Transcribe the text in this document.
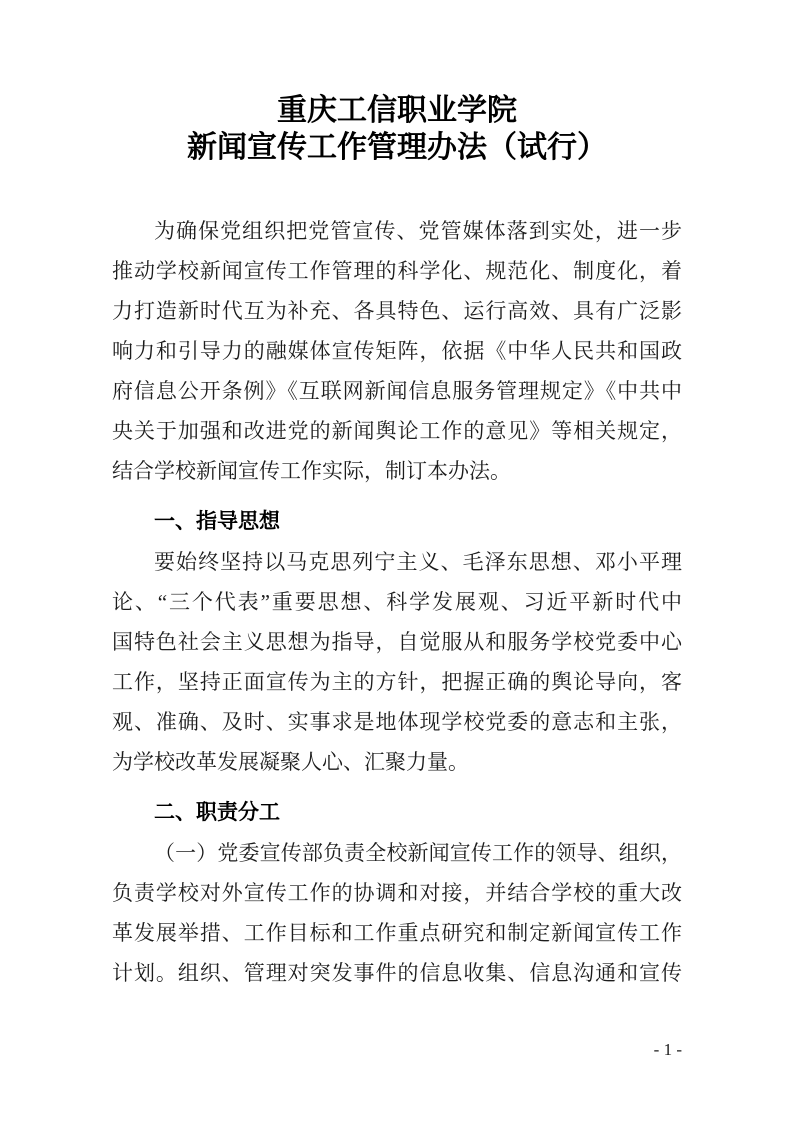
重庆工信职业学院
新闻宣传工作管理办法（试行）
为确保党组织把党管宣传、党管媒体落到实处，进一步
推动学校新闻宣传工作管理的科学化、规范化、制度化，着
力打造新时代互为补充、各具特色、运行高效、具有广泛影
响力和引导力的融媒体宣传矩阵，依据《中华人民共和国政
府信息公开条例》《互联网新闻信息服务管理规定》《中共中
央关于加强和改进党的新闻舆论工作的意见》等相关规定，
结合学校新闻宣传工作实际，制订本办法。
一、指导思想
要始终坚持以马克思列宁主义、毛泽东思想、邓小平理
论、“三个代表”重要思想、科学发展观、习近平新时代中
国特色社会主义思想为指导，自觉服从和服务学校党委中心
工作，坚持正面宣传为主的方针，把握正确的舆论导向，客
观、准确、及时、实事求是地体现学校党委的意志和主张，
为学校改革发展凝聚人心、汇聚力量。
二、职责分工
（一）党委宣传部负责全校新闻宣传工作的领导、组织，
负责学校对外宣传工作的协调和对接，并结合学校的重大改
革发展举措、工作目标和工作重点研究和制定新闻宣传工作
计划。组织、管理对突发事件的信息收集、信息沟通和宣传
- 1 -
